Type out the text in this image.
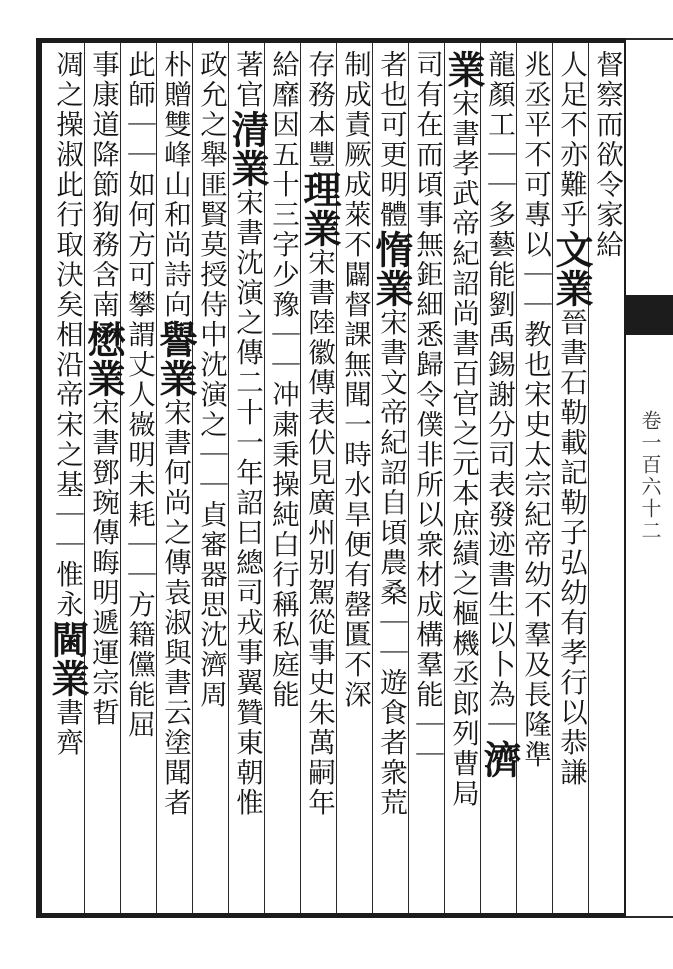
卷一百六十二
督察而欲令家給
人足不亦難乎文業晉書石勒載記勒子弘幼有孝行以恭謙
兆丞平不可專以｜｜教也宋史太宗紀帝幼不羣及長隆準
龍顏工｜｜多藝能劉禹錫謝分司表發迹書生以卜為｜濟
業宋書孝武帝紀詔尚書百官之元本庶績之樞機丞郎列曹局
司有在而頃事無鉅細悉歸令僕非所以衆材成構羣能｜｜
者也可更明體惰業宋書文帝紀詔自頃農桑｜｜遊食者衆荒
制成責厥成萊不闢督課無聞一時水旱便有罄匱不深
存務本豐理業宋書陸徽傳表伏見廣州别駕從事史朱萬嗣年
給靡因五十三字少豫｜｜冲粛秉操純白行稱私庭能
著官清業宋書沈演之傳二十一年詔曰總司戎事翼贊東朝惟
政允之舉匪賢莫授侍中沈演之｜｜貞審器思沈濟周
朴贈雙峰山和尚詩向譽業宋書何尚之傳袁淑與書云塗聞者
此師｜｜如何方可攀謂丈人嶶明未耗｜｜方籍儻能屈
事康道降節狥務含南懋業宋書鄧琬傳晦明遞運宗晢
凋之操淑此行取決矣相沿帝宋之基｜｜惟永閫業書齊
